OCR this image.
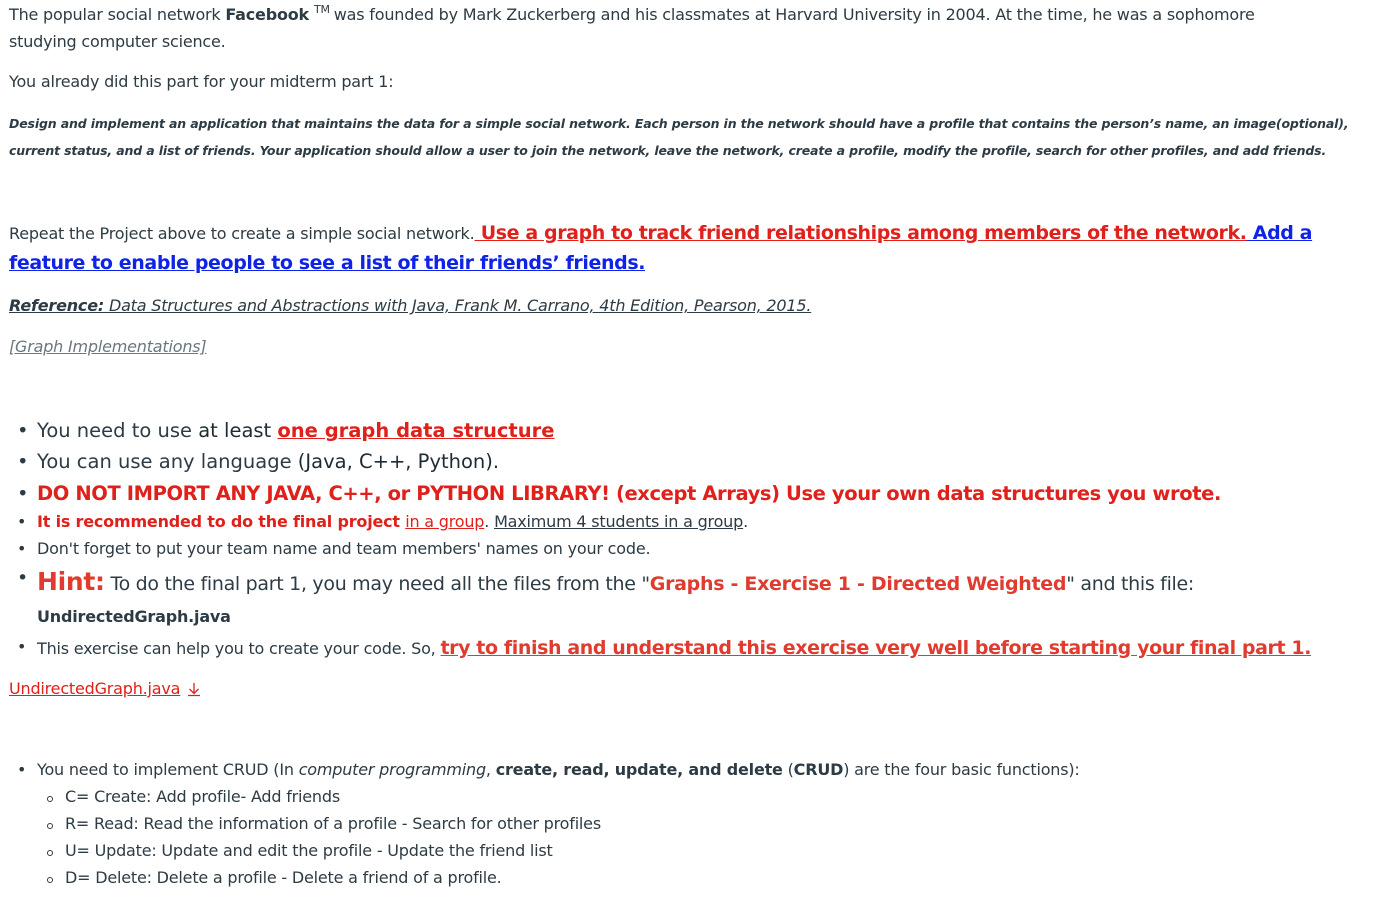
The popular social network Facebook ™ was founded by Mark Zuckerberg and his classmates at Harvard University in 2004. At the time, he was a sophomore
studying computer science.
You already did this part for your midterm part 1:
Design and implement an application that maintains the data for a simple social network. Each person in the network should have a profile that contains the person’s name, an image(optional),
current status, and a list of friends. Your application should allow a user to join the network, leave the network, create a profile, modify the profile, search for other profiles, and add friends.
Repeat the Project above to create a simple social network. Use a graph to track friend relationships among members of the network. Add a
feature to enable people to see a list of their friends’ friends.
Reference: Data Structures and Abstractions with Java, Frank M. Carrano, 4th Edition, Pearson, 2015.
[Graph Implementations]
You need to use at least one graph data structure
You can use any language (Java, C++, Python).
DO NOT IMPORT ANY JAVA, C++, or PYTHON LIBRARY! (except Arrays) Use your own data structures you wrote.
It is recommended to do the final project in a group. Maximum 4 students in a group.
Don't forget to put your team name and team members' names on your code.
Hint: To do the final part 1, you may need all the files from the "Graphs - Exercise 1 - Directed Weighted" and this file:
UndirectedGraph.java
This exercise can help you to create your code. So, try to finish and understand this exercise very well before starting your final part 1.
UndirectedGraph.java
You need to implement CRUD (In computer programming, create, read, update, and delete (CRUD) are the four basic functions):
C= Create: Add profile- Add friends
R= Read: Read the information of a profile - Search for other profiles
U= Update: Update and edit the profile - Update the friend list
D= Delete: Delete a profile - Delete a friend of a profile.
